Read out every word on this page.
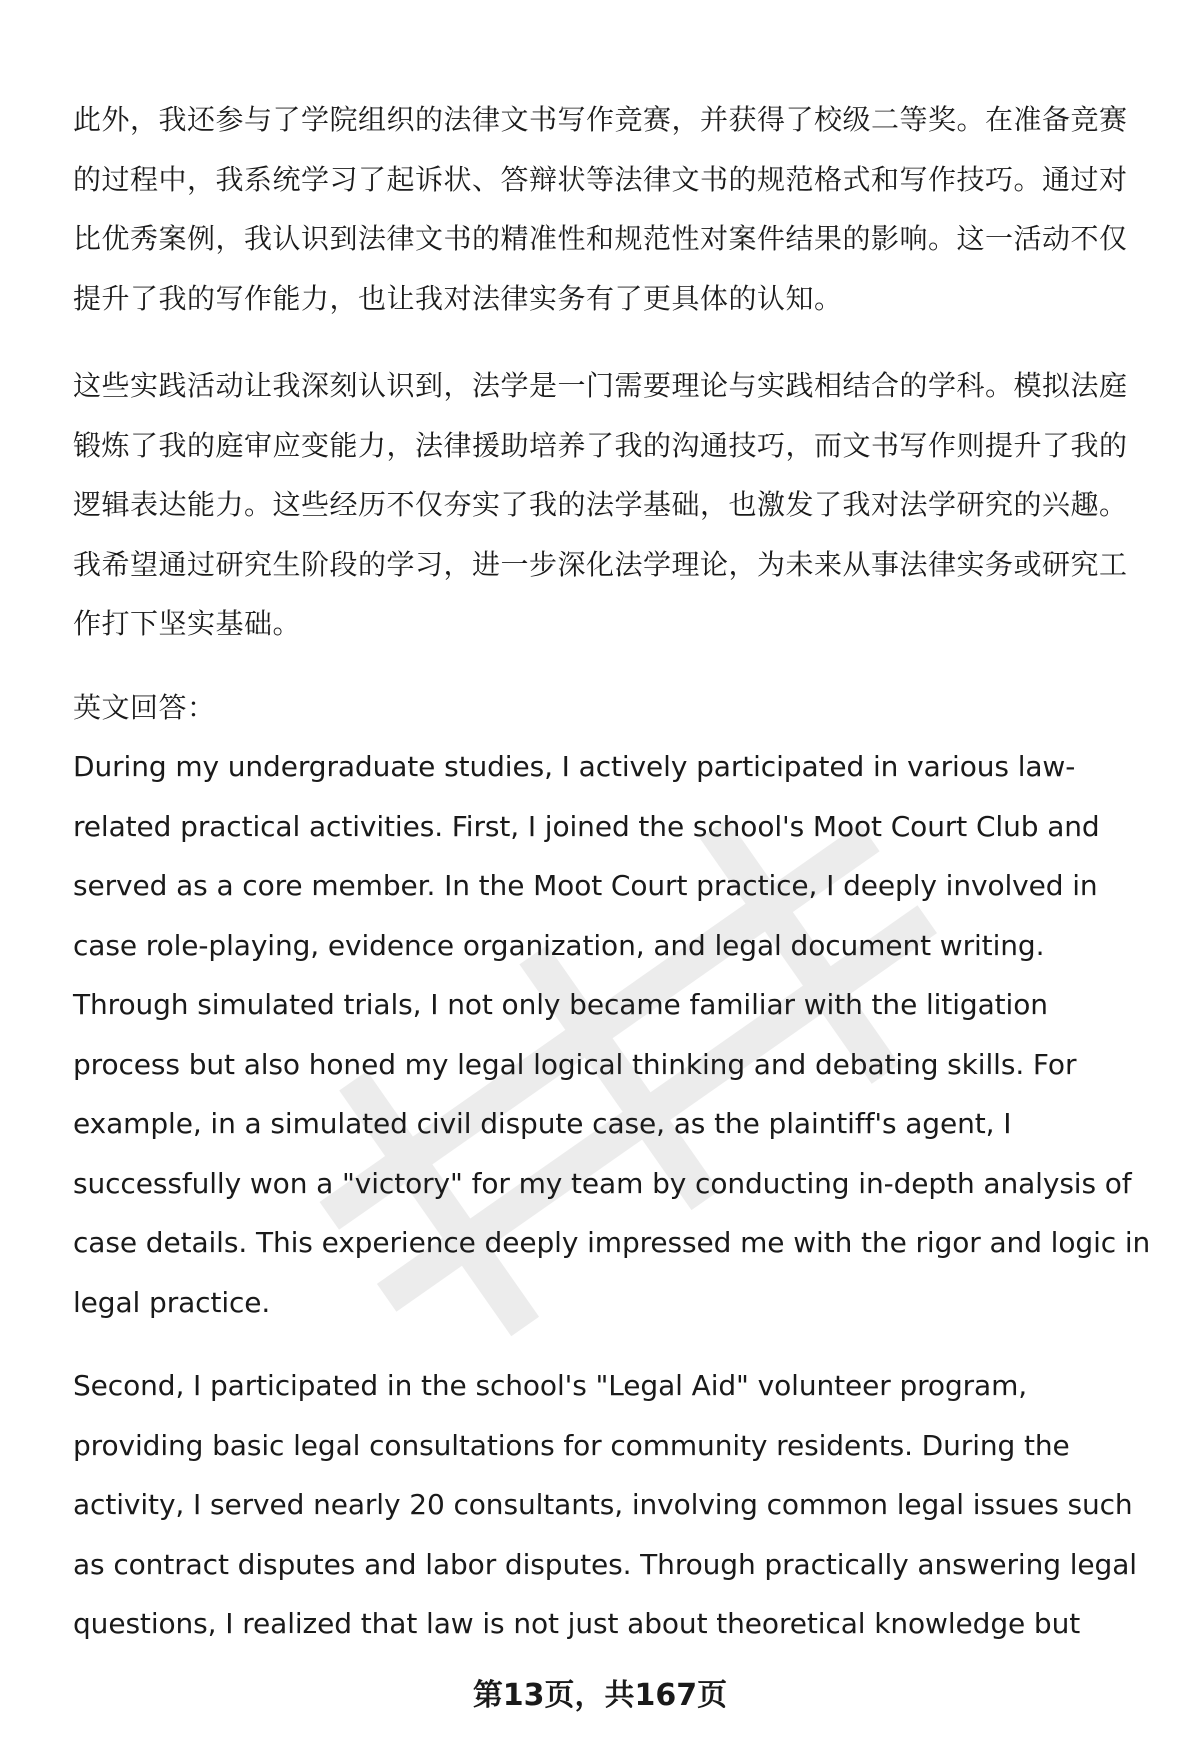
此外，我还参与了学院组织的法律文书写作竞赛，并获得了校级二等奖。在准备竞赛的过程中，我系统学习了起诉状、答辩状等法律文书的规范格式和写作技巧。通过对比优秀案例，我认识到法律文书的精准性和规范性对案件结果的影响。这一活动不仅提升了我的写作能力，也让我对法律实务有了更具体的认知。

这些实践活动让我深刻认识到，法学是一门需要理论与实践相结合的学科。模拟法庭锻炼了我的庭审应变能力，法律援助培养了我的沟通技巧，而文书写作则提升了我的逻辑表达能力。这些经历不仅夯实了我的法学基础，也激发了我对法学研究的兴趣。我希望通过研究生阶段的学习，进一步深化法学理论，为未来从事法律实务或研究工作打下坚实基础。

英文回答：

During my undergraduate studies, I actively participated in various law-related practical activities. First, I joined the school's Moot Court Club and served as a core member. In the Moot Court practice, I deeply involved in case role-playing, evidence organization, and legal document writing. Through simulated trials, I not only became familiar with the litigation process but also honed my legal logical thinking and debating skills. For example, in a simulated civil dispute case, as the plaintiff's agent, I successfully won a "victory" for my team by conducting in-depth analysis of case details. This experience deeply impressed me with the rigor and logic in legal practice.

Second, I participated in the school's "Legal Aid" volunteer program, providing basic legal consultations for community residents. During the activity, I served nearly 20 consultants, involving common legal issues such as contract disputes and labor disputes. Through practically answering legal questions, I realized that law is not just about theoretical knowledge but

第13页，共167页
